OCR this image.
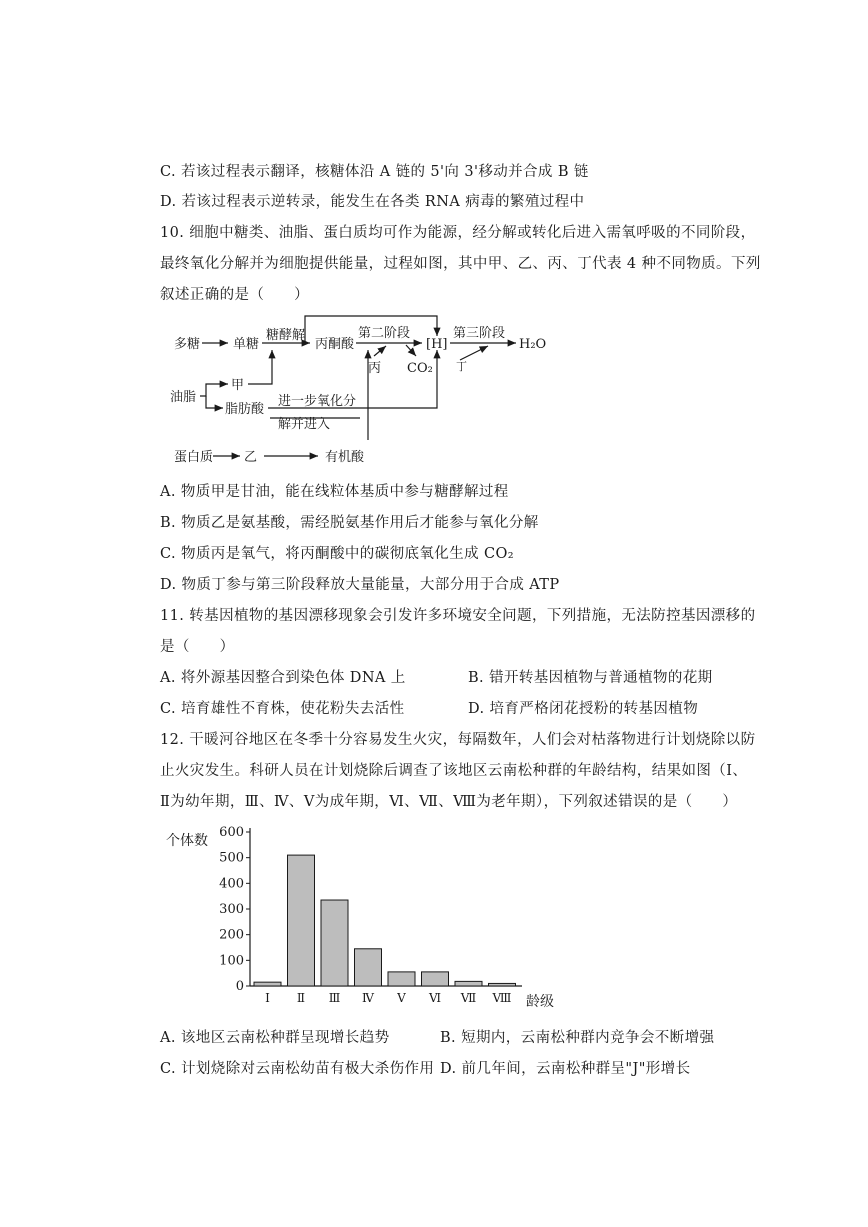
C. 若该过程表示翻译，核糖体沿 A 链的 5'向 3'移动并合成 B 链
D. 若该过程表示逆转录，能发生在各类 RNA 病毒的繁殖过程中
10. 细胞中糖类、油脂、蛋白质均可作为能源，经分解或转化后进入需氧呼吸的不同阶段，
最终氧化分解并为细胞提供能量，过程如图，其中甲、乙、丙、丁代表 4 种不同物质。下列
叙述正确的是（　　）
多糖	单糖
糖酵解
丙酮酸
第二阶段
[H]
第三阶段
H₂O
丙 CO₂ 丁
油脂
甲
脂肪酸
进一步氧化分
解并进入
蛋白质 乙	有机酸
A. 物质甲是甘油，能在线粒体基质中参与糖酵解过程
B. 物质乙是氨基酸，需经脱氨基作用后才能参与氧化分解
C. 物质丙是氧气，将丙酮酸中的碳彻底氧化生成 CO₂
D. 物质丁参与第三阶段释放大量能量，大部分用于合成 ATP
11. 转基因植物的基因漂移现象会引发许多环境安全问题，下列措施，无法防控基因漂移的
是（　　）
A. 将外源基因整合到染色体 DNA 上	B. 错开转基因植物与普通植物的花期
C. 培育雄性不育株，使花粉失去活性	D. 培育严格闭花授粉的转基因植物
12. 干暖河谷地区在冬季十分容易发生火灾，每隔数年，人们会对枯落物进行计划烧除以防
止火灾发生。科研人员在计划烧除后调查了该地区云南松种群的年龄结构，结果如图（Ⅰ、
Ⅱ为幼年期，Ⅲ、Ⅳ、Ⅴ为成年期，Ⅵ、Ⅶ、Ⅷ为老年期），下列叙述错误的是（　　）
0
100
200
300
400
500
600
个体数
Ⅰ Ⅱ Ⅲ Ⅳ Ⅴ Ⅵ Ⅶ Ⅷ 龄级
A. 该地区云南松种群呈现增长趋势	B. 短期内，云南松种群内竞争会不断增强
C. 计划烧除对云南松幼苗有极大杀伤作用 D. 前几年间，云南松种群呈"J"形增长
